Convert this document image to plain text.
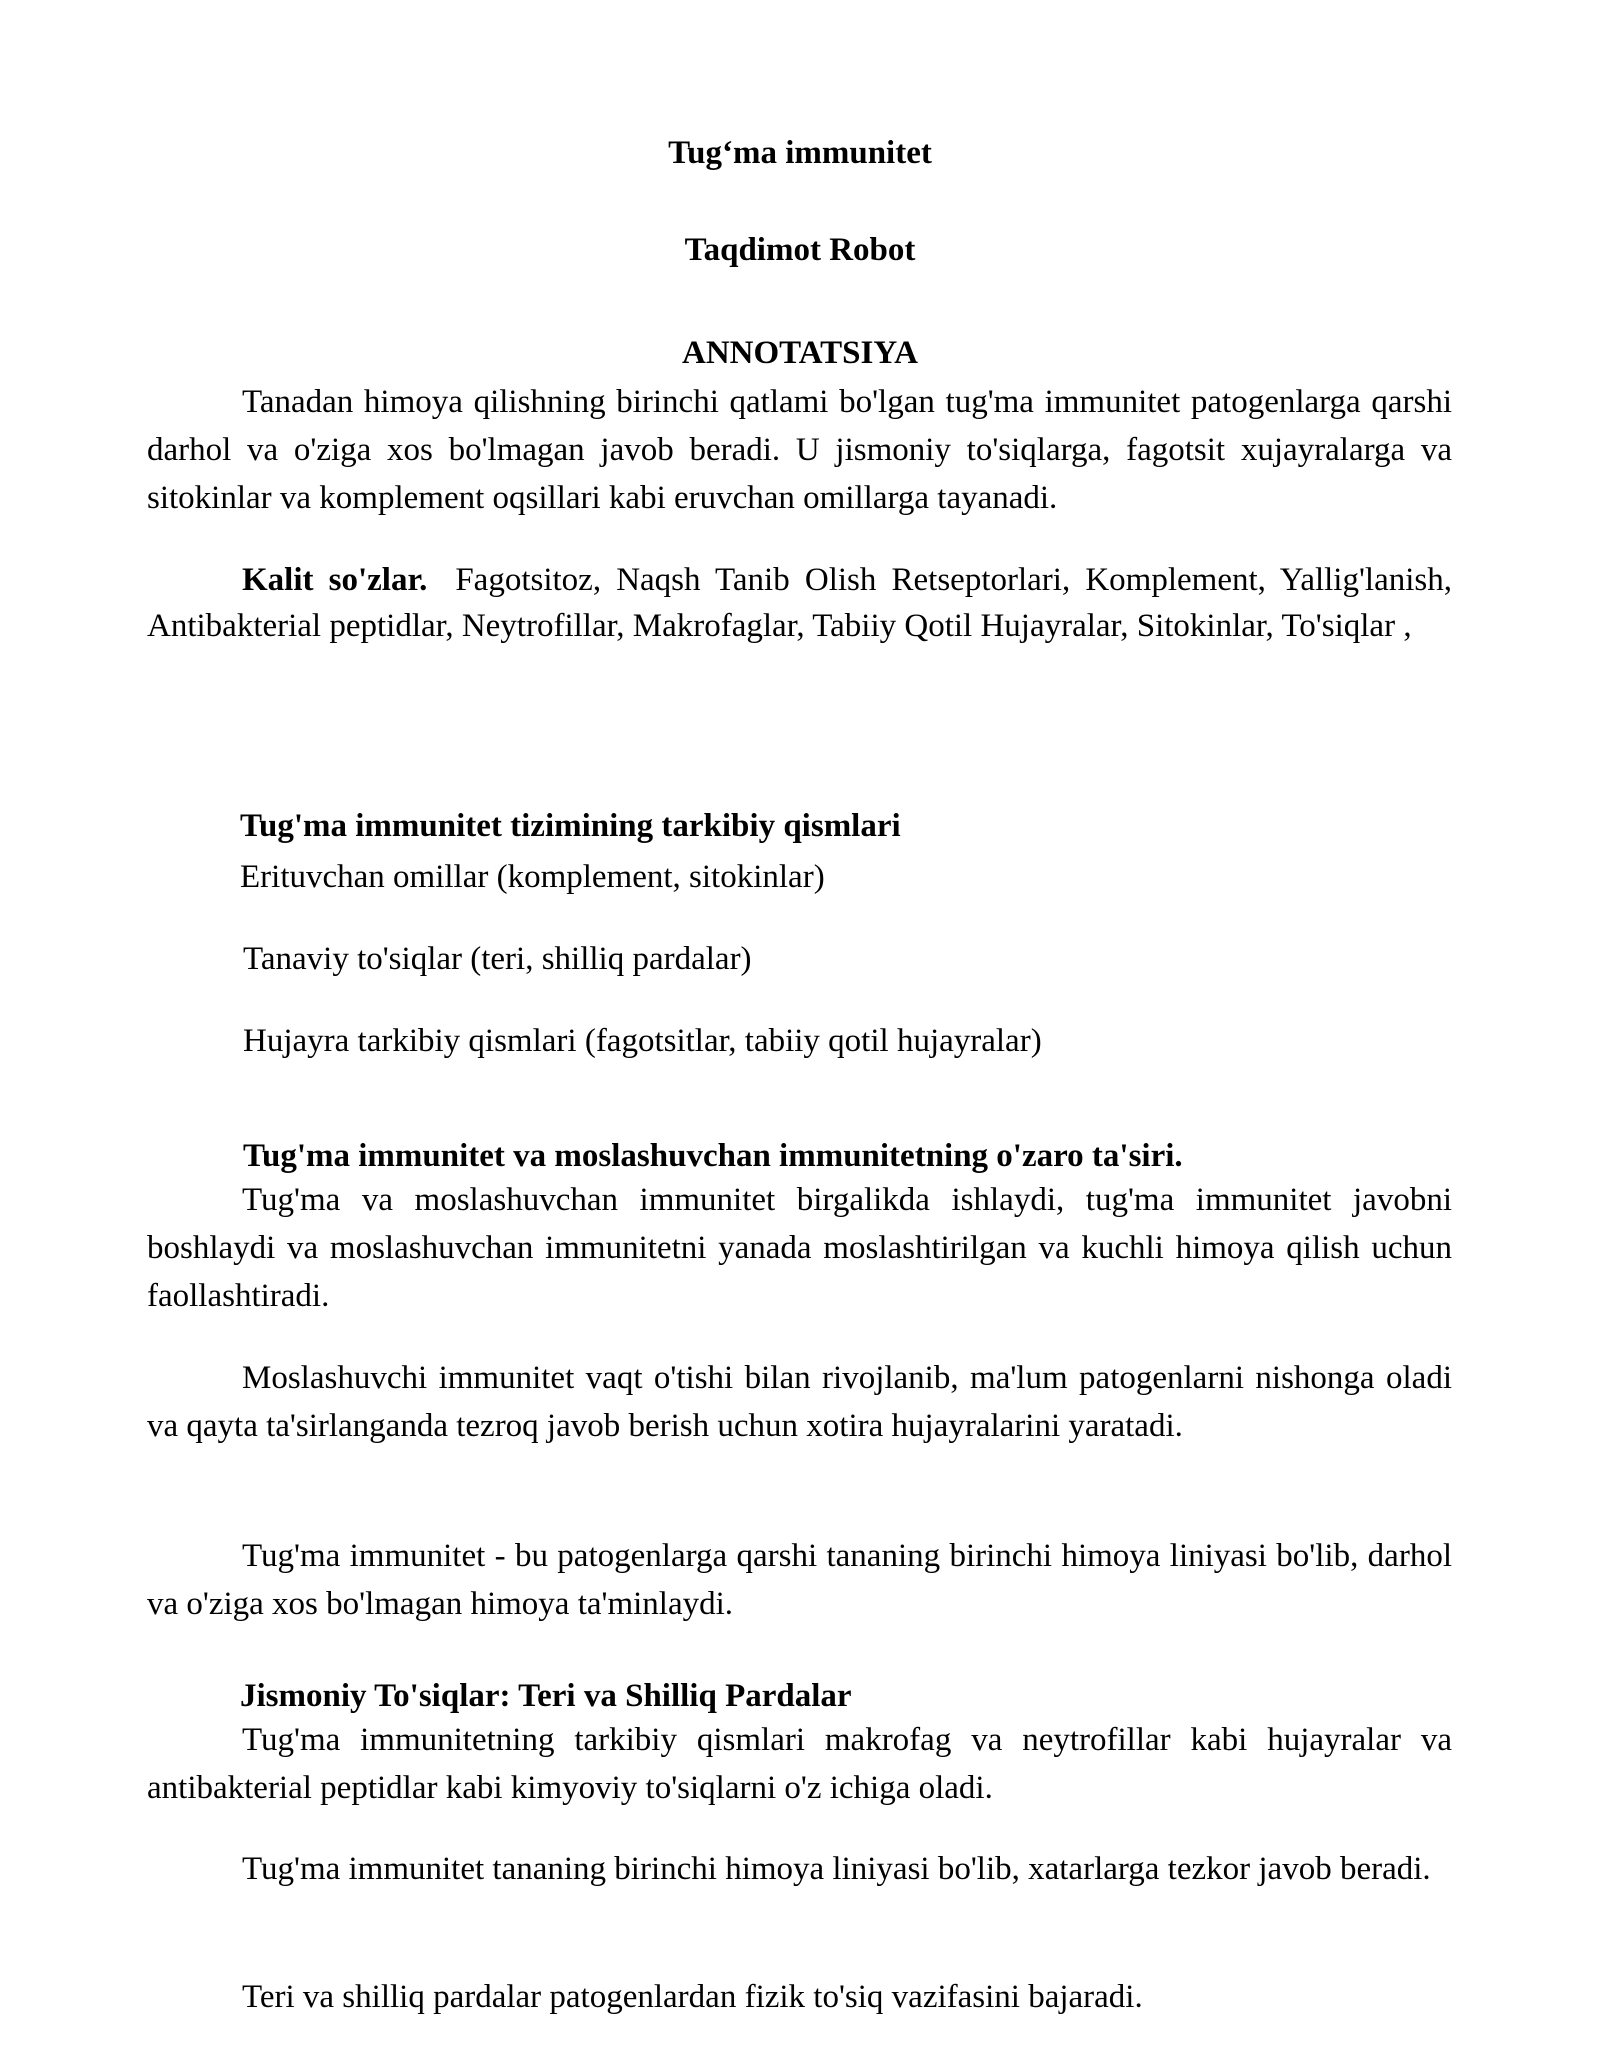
Tug‘ma immunitet
Taqdimot Robot
ANNOTATSIYA

Tanadan himoya qilishning birinchi qatlami bo'lgan tug'ma immunitet patogenlarga qarshi darhol va o'ziga xos bo'lmagan javob beradi. U jismoniy to'siqlarga, fagotsit xujayralarga va sitokinlar va komplement oqsillari kabi eruvchan omillarga tayanadi.

Kalit so'zlar. Fagotsitoz, Naqsh Tanib Olish Retseptorlari, Komplement, Yallig'lanish, Antibakterial peptidlar, Neytrofillar, Makrofaglar, Tabiiy Qotil Hujayralar, Sitokinlar, To'siqlar ,

Tug'ma immunitet tizimining tarkibiy qismlari

Erituvchan omillar (komplement, sitokinlar)

Tanaviy to'siqlar (teri, shilliq pardalar)

Hujayra tarkibiy qismlari (fagotsitlar, tabiiy qotil hujayralar)

Tug'ma immunitet va moslashuvchan immunitetning o'zaro ta'siri.

Tug'ma va moslashuvchan immunitet birgalikda ishlaydi, tug'ma immunitet javobni boshlaydi va moslashuvchan immunitetni yanada moslashtirilgan va kuchli himoya qilish uchun faollashtiradi.

Moslashuvchi immunitet vaqt o'tishi bilan rivojlanib, ma'lum patogenlarni nishonga oladi va qayta ta'sirlanganda tezroq javob berish uchun xotira hujayralarini yaratadi.

Tug'ma immunitet - bu patogenlarga qarshi tananing birinchi himoya liniyasi bo'lib, darhol va o'ziga xos bo'lmagan himoya ta'minlaydi.

Jismoniy To'siqlar: Teri va Shilliq Pardalar

Tug'ma immunitetning tarkibiy qismlari makrofag va neytrofillar kabi hujayralar va antibakterial peptidlar kabi kimyoviy to'siqlarni o'z ichiga oladi.

Tug'ma immunitet tananing birinchi himoya liniyasi bo'lib, xatarlarga tezkor javob beradi.

Teri va shilliq pardalar patogenlardan fizik to'siq vazifasini bajaradi.
